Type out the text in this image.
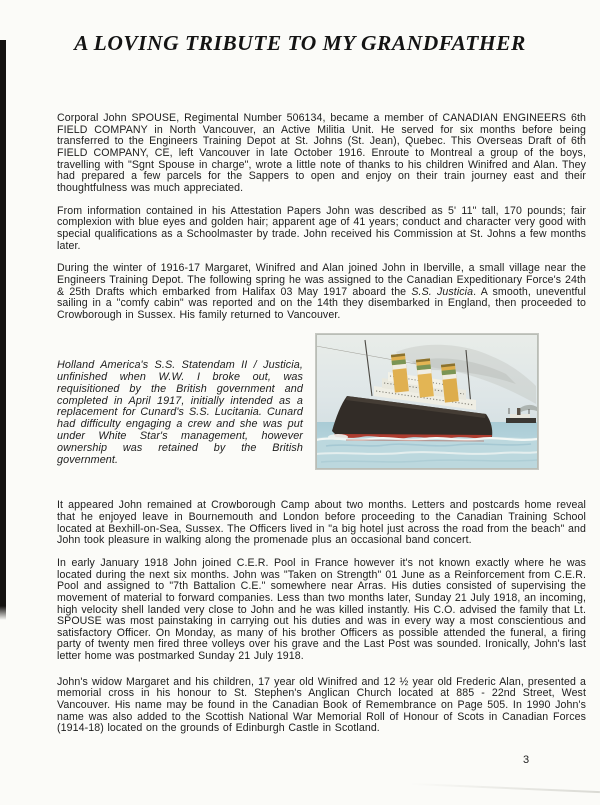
A LOVING TRIBUTE TO MY GRANDFATHER

Corporal John SPOUSE, Regimental Number 506134, became a member of CANADIAN ENGINEERS 6th FIELD COMPANY in North Vancouver, an Active Militia Unit. He served for six months before being transferred to the Engineers Training Depot at St. Johns (St. Jean), Quebec. This Overseas Draft of 6th FIELD COMPANY, CE, left Vancouver in late October 1916. Enroute to Montreal a group of the boys, travelling with "Sgnt Spouse in charge", wrote a little note of thanks to his children Winifred and Alan. They had prepared a few parcels for the Sappers to open and enjoy on their train journey east and their thoughtfulness was much appreciated.

From information contained in his Attestation Papers John was described as 5' 11" tall, 170 pounds; fair complexion with blue eyes and golden hair; apparent age of 41 years; conduct and character very good with special qualifications as a Schoolmaster by trade. John received his Commission at St. Johns a few months later.

During the winter of 1916-17 Margaret, Winifred and Alan joined John in Iberville, a small village near the Engineers Training Depot. The following spring he was assigned to the Canadian Expeditionary Force's 24th & 25th Drafts which embarked from Halifax 03 May 1917 aboard the S.S. Justicia. A smooth, uneventful sailing in a "comfy cabin" was reported and on the 14th they disembarked in England, then proceeded to Crowborough in Sussex. His family returned to Vancouver.

Holland America's S.S. Statendam II / Justicia, unfinished when W.W. I broke out, was requisitioned by the British government and completed in April 1917, initially intended as a replacement for Cunard's S.S. Lucitania. Cunard had difficulty engaging a crew and she was put under White Star's management, however ownership was retained by the British government.

It appeared John remained at Crowborough Camp about two months. Letters and postcards home reveal that he enjoyed leave in Bournemouth and London before proceeding to the Canadian Training School located at Bexhill-on-Sea, Sussex. The Officers lived in "a big hotel just across the road from the beach" and John took pleasure in walking along the promenade plus an occasional band concert.

In early January 1918 John joined C.E.R. Pool in France however it's not known exactly where he was located during the next six months. John was "Taken on Strength" 01 June as a Reinforcement from C.E.R. Pool and assigned to "7th Battalion C.E." somewhere near Arras. His duties consisted of supervising the movement of material to forward companies. Less than two months later, Sunday 21 July 1918, an incoming, high velocity shell landed very close to John and he was killed instantly. His C.O. advised the family that Lt. SPOUSE was most painstaking in carrying out his duties and was in every way a most conscientious and satisfactory Officer. On Monday, as many of his brother Officers as possible attended the funeral, a firing party of twenty men fired three volleys over his grave and the Last Post was sounded. Ironically, John's last letter home was postmarked Sunday 21 July 1918.

John's widow Margaret and his children, 17 year old Winifred and 12 ½ year old Frederic Alan, presented a memorial cross in his honour to St. Stephen's Anglican Church located at 885 - 22nd Street, West Vancouver. His name may be found in the Canadian Book of Remembrance on Page 505. In 1990 John's name was also added to the Scottish National War Memorial Roll of Honour of Scots in Canadian Forces (1914-18) located on the grounds of Edinburgh Castle in Scotland.

3
